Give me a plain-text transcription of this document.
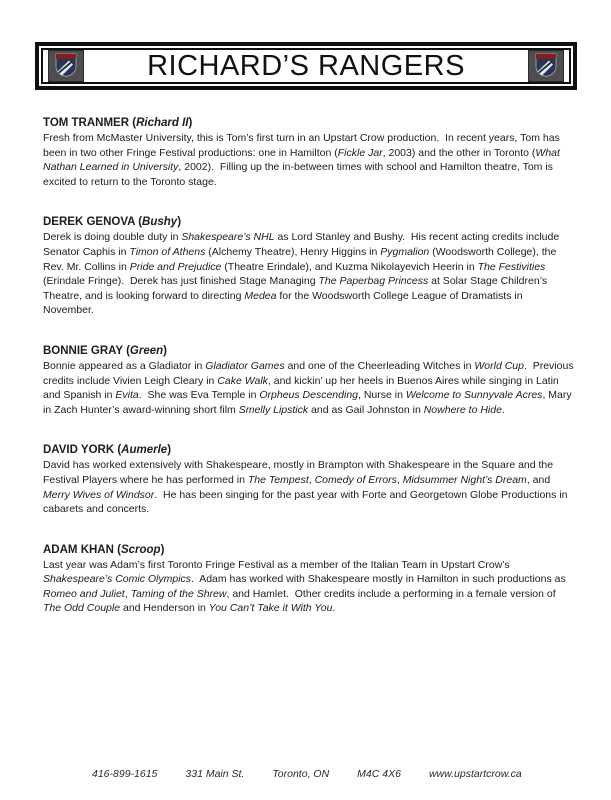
RICHARD’S RANGERS
TOM TRANMER (Richard II)
Fresh from McMaster University, this is Tom’s first turn in an Upstart Crow production.  In recent years, Tom has been in two other Fringe Festival productions: one in Hamilton (Fickle Jar, 2003) and the other in Toronto (What Nathan Learned in University, 2002).  Filling up the in-between times with school and Hamilton theatre, Tom is excited to return to the Toronto stage.
DEREK GENOVA (Bushy)
Derek is doing double duty in Shakespeare’s NHL as Lord Stanley and Bushy.  His recent acting credits include Senator Caphis in Timon of Athens (Alchemy Theatre), Henry Higgins in Pygmalion (Woodsworth College), the Rev. Mr. Collins in Pride and Prejudice (Theatre Erindale), and Kuzma Nikolayevich Heerin in The Festivities (Erindale Fringe).  Derek has just finished Stage Managing The Paperbag Princess at Solar Stage Children’s Theatre, and is looking forward to directing Medea for the Woodsworth College League of Dramatists in November.
BONNIE GRAY (Green)
Bonnie appeared as a Gladiator in Gladiator Games and one of the Cheerleading Witches in World Cup.  Previous credits include Vivien Leigh Cleary in Cake Walk, and kickin’ up her heels in Buenos Aires while singing in Latin and Spanish in Evita.  She was Eva Temple in Orpheus Descending, Nurse in Welcome to Sunnyvale Acres, Mary in Zach Hunter’s award-winning short film Smelly Lipstick and as Gail Johnston in Nowhere to Hide.
DAVID YORK (Aumerle)
David has worked extensively with Shakespeare, mostly in Brampton with Shakespeare in the Square and the Festival Players where he has performed in The Tempest, Comedy of Errors, Midsummer Night’s Dream, and Merry Wives of Windsor.  He has been singing for the past year with Forte and Georgetown Globe Productions in cabarets and concerts.
ADAM KHAN (Scroop)
Last year was Adam’s first Toronto Fringe Festival as a member of the Italian Team in Upstart Crow’s Shakespeare’s Comic Olympics.  Adam has worked with Shakespeare mostly in Hamilton in such productions as Romeo and Juliet, Taming of the Shrew, and Hamlet.  Other credits include a performing in a female version of The Odd Couple and Henderson in You Can’t Take it With You.
416-899-1615	331 Main St.	Toronto, ON	M4C 4X6	www.upstartcrow.ca
